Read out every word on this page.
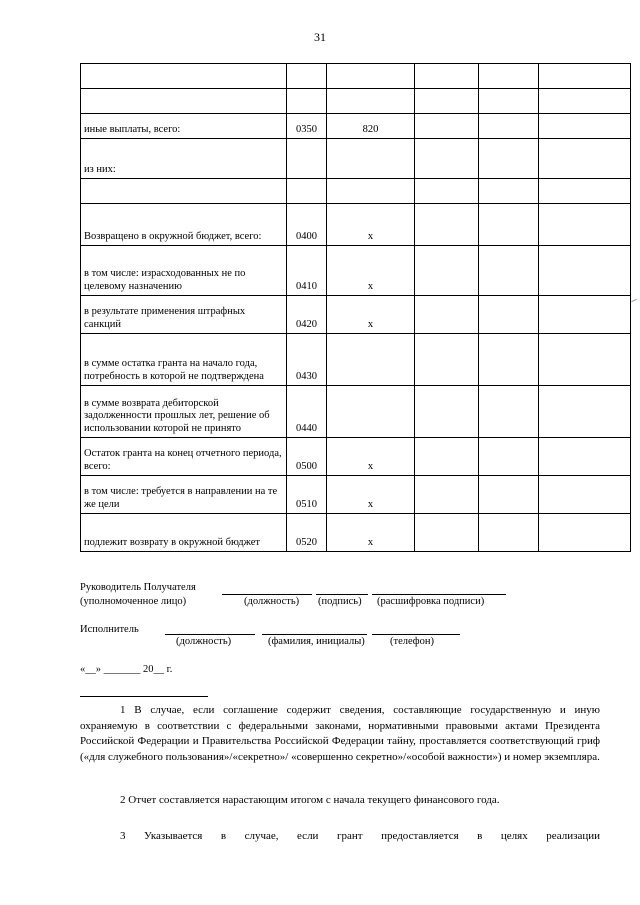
31

иные выплаты, всего:	0350	820			
из них:					

Возвращено в окружной бюджет, всего:	0400	х			
в том числе: израсходованных не по целевому назначению	0410	х			
в результате применения штрафных санкций	0420	х			
в сумме остатка гранта на начало года, потребность в которой не подтверждена	0430				
в сумме возврата дебиторской задолженности прошлых лет, решение об использовании которой не принято	0440				
Остаток гранта на конец отчетного периода, всего:	0500	х			
в том числе: требуется в направлении на те же цели	0510	х			
подлежит возврату в окружной бюджет	0520	х			
Руководитель Получателя
(уполномоченное лицо)	(должность) (подпись) (расшифровка подписи)
Исполнитель
(должность)	(фамилия, инициалы) (телефон)
«__» _______ 20__ г.
1 В случае, если соглашение содержит сведения, составляющие государственную и иную охраняемую в соответствии с федеральными законами, нормативными правовыми актами Президента Российской Федерации и Правительства Российской Федерации тайну, проставляется соответствующий гриф («для служебного пользования»/«секретно»/ «совершенно секретно»/«особой важности») и номер экземпляра.
2 Отчет составляется нарастающим итогом с начала текущего финансового года.
3 Указывается в случае, если грант предоставляется в целях реализации
